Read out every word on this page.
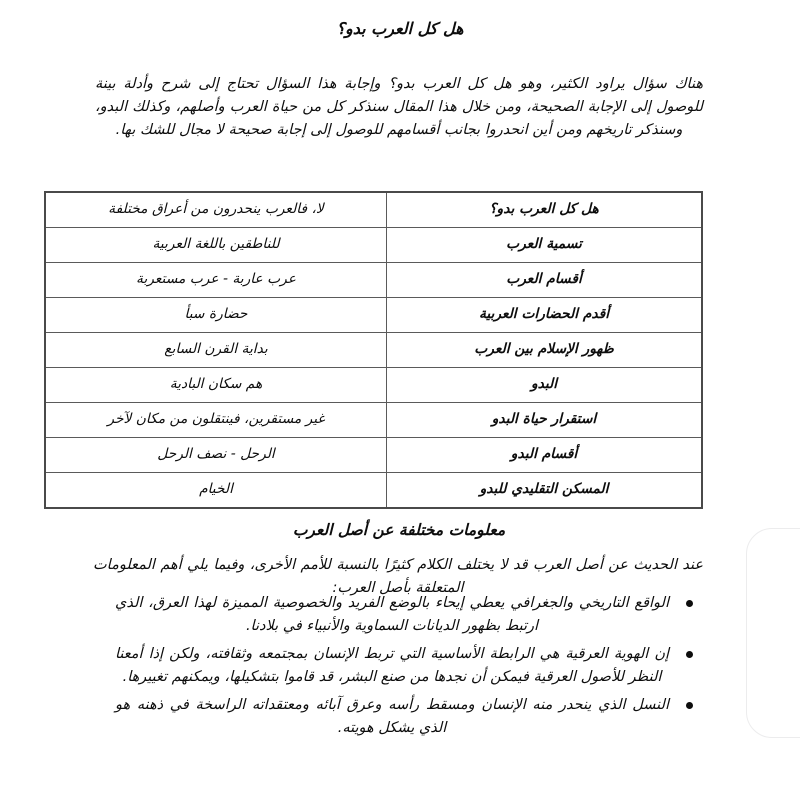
هل كل العرب بدو؟

هناك سؤال يراود الكثير، وهو هل كل العرب بدو؟ وإجابة هذا السؤال تحتاج إلى شرح وأدلة بينة للوصول إلى الإجابة الصحيحة، ومن خلال هذا المقال سنذكر كل من حياة العرب وأصلهم، وكذلك البدو، وسنذكر تاريخهم ومن أين انحدروا بجانب أقسامهم للوصول إلى إجابة صحيحة لا مجال للشك بها.

هل كل العرب بدو؟	لا، فالعرب ينحدرون من أعراق مختلفة
تسمية العرب	للناطقين باللغة العربية
أقسام العرب	عرب عاربة - عرب مستعربة
أقدم الحضارات العربية	حضارة سبأ
ظهور الإسلام بين العرب	بداية القرن السابع
البدو	هم سكان البادية
استقرار حياة البدو	غير مستقرين، فينتقلون من مكان لآخر
أقسام البدو	الرحل - نصف الرحل
المسكن التقليدي للبدو	الخيام
معلومات مختلفة عن أصل العرب

عند الحديث عن أصل العرب قد لا يختلف الكلام كثيرًا بالنسبة للأمم الأخرى، وفيما يلي أهم المعلومات المتعلقة بأصل العرب:

الواقع التاريخي والجغرافي يعطي إيحاء بالوضع الفريد والخصوصية المميزة لهذا العرق، الذي ارتبط بظهور الديانات السماوية والأنبياء في بلادنا.
إن الهوية العرقية هي الرابطة الأساسية التي تربط الإنسان بمجتمعه وثقافته، ولكن إذا أمعنا النظر للأصول العرقية فيمكن أن نجدها من صنع البشر، قد قاموا بتشكيلها، ويمكنهم تغييرها.
النسل الذي ينحدر منه الإنسان ومسقط رأسه وعرق آبائه ومعتقداته الراسخة في ذهنه هو الذي يشكل هويته.
